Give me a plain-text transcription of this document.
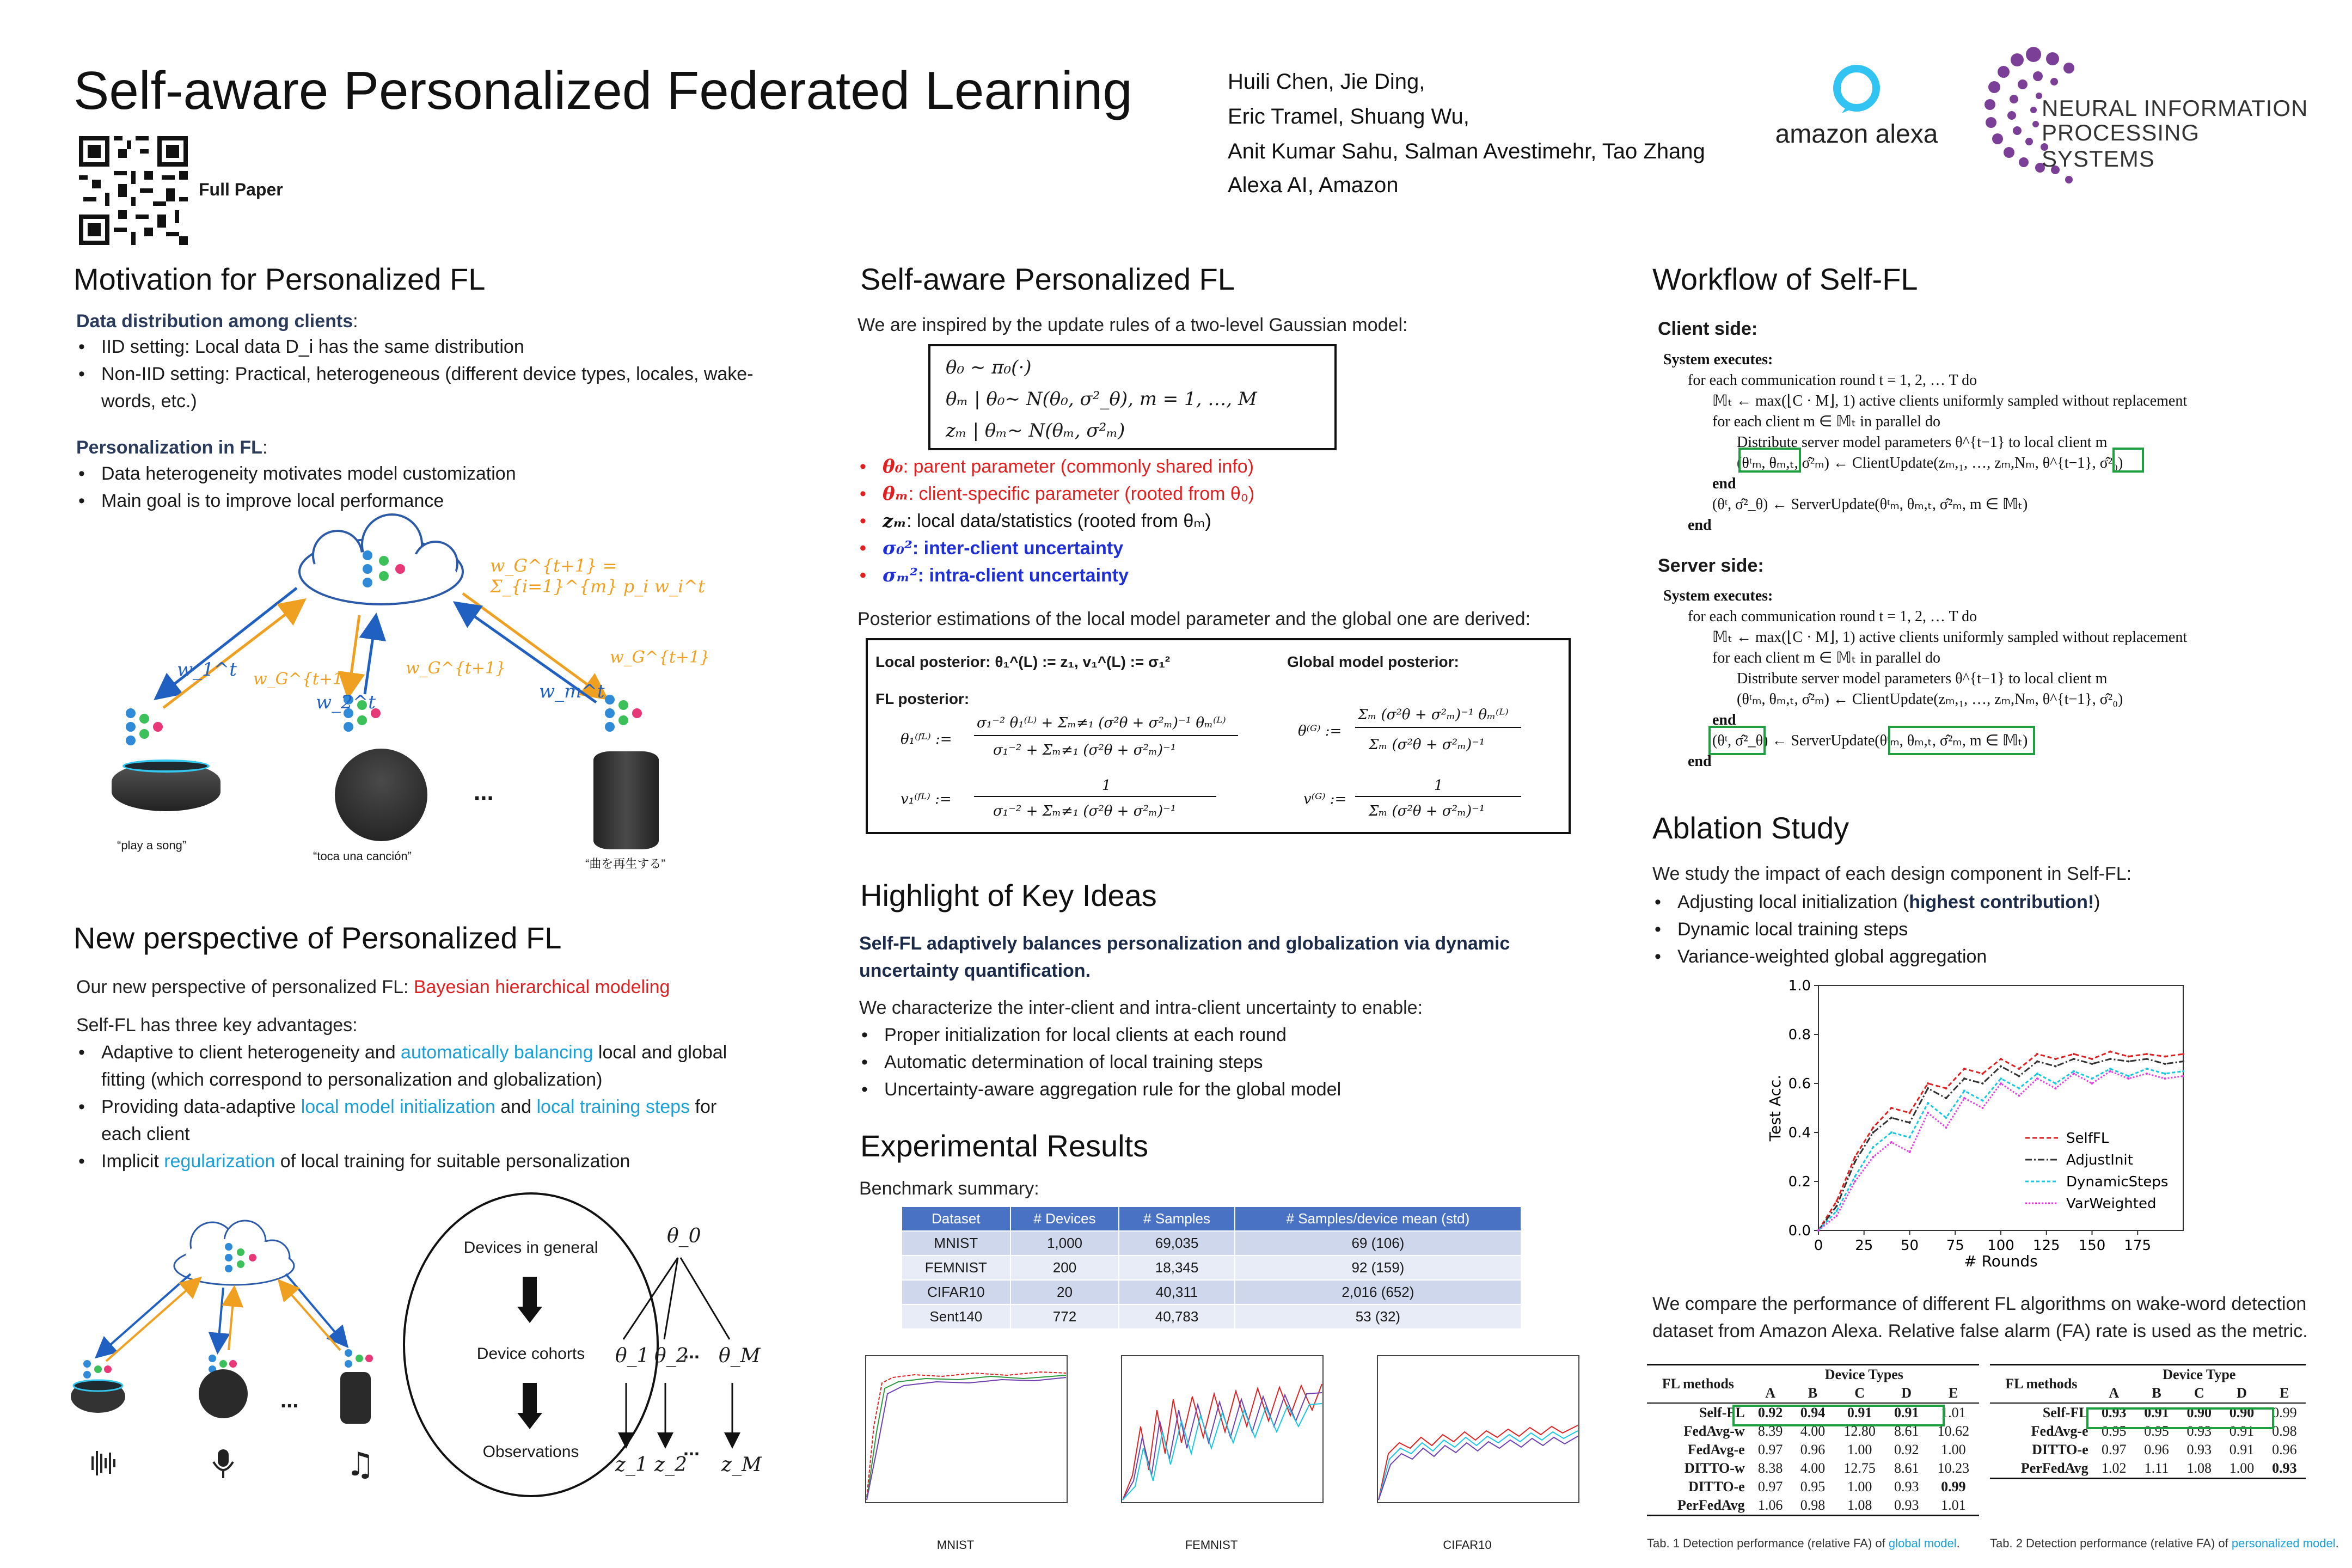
Self-aware Personalized Federated Learning
Full Paper
Huili Chen, Jie Ding,
Eric Tramel, Shuang Wu,
Anit Kumar Sahu, Salman Avestimehr, Tao Zhang
Alexa AI, Amazon
amazon alexa
NEURAL INFORMATION
PROCESSING SYSTEMS
Motivation for Personalized FL
Data distribution among clients:
• IID setting: Local data D_i has the same distribution
• Non-IID setting: Practical, heterogeneous (different device types, locales, wake-words, etc.)
Personalization in FL:
• Data heterogeneity motivates model customization
• Main goal is to improve local performance
w_G^{t+1} = Σ_{i=1}^{m} p_i w_i^t
w_1^t w_G^{t+1}
w_2^t
w_G^{t+1}
w_m^t
w_G^{t+1}
...
“play a song”
“toca una canción”
“曲を再生する”
New perspective of Personalized FL
Our new perspective of personalized FL: Bayesian hierarchical modeling
Self-FL has three key advantages:
• Adaptive to client heterogeneity and automatically balancing local and global fitting (which correspond to personalization and globalization)
• Providing data-adaptive local model initialization and local training steps for each client
• Implicit regularization of local training for suitable personalization
♫
...
Devices in general
Device cohorts
Observations
θ_0
θ_1 θ_2
... θ_M
z_1 z_2
...
z_M
Self-aware Personalized FL
We are inspired by the update rules of a two-level Gaussian model:
θ₀ ∼ π₀(·)
θₘ | θ₀∼ N(θ₀, σ²_θ), m = 1, …, M
zₘ | θₘ∼ N(θₘ, σ²ₘ)
• θ₀: parent parameter (commonly shared info)
• θₘ: client-specific parameter (rooted from θ₀)
• zₘ: local data/statistics (rooted from θₘ)
• σ₀²: inter-client uncertainty
• σₘ²: intra-client uncertainty
Posterior estimations of the local model parameter and the global one are derived:
Local posterior: θ₁^(L) := z₁, v₁^(L) := σ₁²	Global model posterior:
FL posterior:
θ₁⁽ᶠᴸ⁾ :=
σ₁⁻² θ₁⁽ᴸ⁾ + Σₘ≠₁ (σ²θ + σ²ₘ)⁻¹ θₘ⁽ᴸ⁾
σ₁⁻² + Σₘ≠₁ (σ²θ + σ²ₘ)⁻¹
v₁⁽ᶠᴸ⁾ :=
1
σ₁⁻² + Σₘ≠₁ (σ²θ + σ²ₘ)⁻¹
θ⁽ᴳ⁾ :=
Σₘ (σ²θ + σ²ₘ)⁻¹ θₘ⁽ᴸ⁾
Σₘ (σ²θ + σ²ₘ)⁻¹
v⁽ᴳ⁾ :=
1
Σₘ (σ²θ + σ²ₘ)⁻¹
Highlight of Key Ideas
Self-FL adaptively balances personalization and globalization via dynamic uncertainty quantification.
We characterize the inter-client and intra-client uncertainty to enable:
• Proper initialization for local clients at each round
• Automatic determination of local training steps
• Uncertainty-aware aggregation rule for the global model
Experimental Results
Benchmark summary:
Dataset	# Devices	# Samples	# Samples/device mean (std)
MNIST	1,000	69,035	69 (106)
FEMNIST	200	18,345	92 (159)
CIFAR10	20	40,311	2,016 (652)
Sent140	772	40,783	53 (32)
MNIST	FEMNIST	CIFAR10
Workflow of Self-FL
Client side:
System executes:
for each communication round t = 1, 2, … T do
𝕄ₜ ← max(⌊C · M⌋, 1) active clients uniformly sampled without replacement
for each client m ∈ 𝕄ₜ in parallel do
Distribute server model parameters θ^{t−1} to local client m
(θᵗₘ, θₘ,ₜ, σ̂²ₘ) ← ClientUpdate(zₘ,₁, …, zₘ,Nₘ, θ^{t−1}, σ̂²₀)
end
(θᵗ, σ̂²_θ) ← ServerUpdate(θᵗₘ, θₘ,ₜ, σ̂²ₘ, m ∈ 𝕄ₜ)
end
Server side:
System executes:
for each communication round t = 1, 2, … T do
𝕄ₜ ← max(⌊C · M⌋, 1) active clients uniformly sampled without replacement
for each client m ∈ 𝕄ₜ in parallel do
Distribute server model parameters θ^{t−1} to local client m
(θᵗₘ, θₘ,ₜ, σ̂²ₘ) ← ClientUpdate(zₘ,₁, …, zₘ,Nₘ, θ^{t−1}, σ̂²₀)
end
(θᵗ, σ̂²_θ) ← ServerUpdate(θᵗₘ, θₘ,ₜ, σ̂²ₘ, m ∈ 𝕄ₜ)
end
Ablation Study
We study the impact of each design component in Self-FL:
• Adjusting local initialization (highest contribution!)
• Dynamic local training steps
• Variance-weighted global aggregation
0.0
0.2
0.4
0.6
0.8
1.0
0 25 50 75 100 125 150 175
# Rounds
Test Acc.	SelfFL
AdjustInit
DynamicSteps
VarWeighted
We compare the performance of different FL algorithms on wake-word detection dataset from Amazon Alexa. Relative false alarm (FA) rate is used as the metric.
FL methods	Device Types				
	A	B	C	D	E
Self-FL	0.92	0.94	0.91	0.91	1.01
FedAvg-w	8.39	4.00	12.80	8.61	10.62
FedAvg-e	0.97	0.96	1.00	0.92	1.00
DITTO-w	8.38	4.00	12.75	8.61	10.23
DITTO-e	0.97	0.95	1.00	0.93	0.99
PerFedAvg	1.06	0.98	1.08	0.93	1.01
Tab. 1 Detection performance (relative FA) of global model.
FL methods	Device Type				
	A	B	C	D	E
Self-FL	0.93	0.91	0.90	0.90	0.99
FedAvg-e	0.95	0.95	0.93	0.91	0.98
DITTO-e	0.97	0.96	0.93	0.91	0.96
PerFedAvg	1.02	1.11	1.08	1.00	0.93
Tab. 2 Detection performance (relative FA) of personalized model.
